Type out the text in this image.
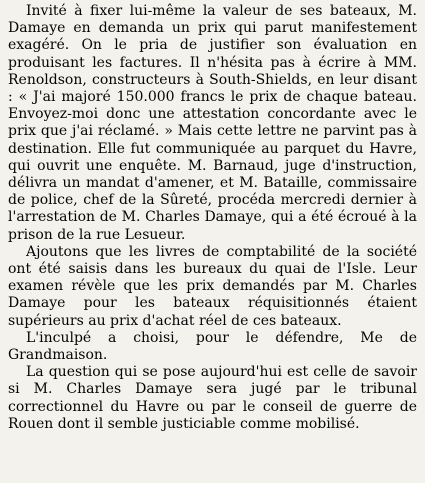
Invité à fixer lui-même la valeur de ses bateaux, M. Damaye en demanda un prix qui parut manifestement exagéré. On le pria de justifier son évaluation en produisant les factures. Il n'hésita pas à écrire à MM. Renoldson, constructeurs à South-Shields, en leur disant : « J'ai majoré 150.000 francs le prix de chaque bateau. Envoyez-moi donc une attestation concordante avec le prix que j'ai réclamé. » Mais cette lettre ne parvint pas à destination. Elle fut communiquée au parquet du Havre, qui ouvrit une enquête. M. Barnaud, juge d'instruction, délivra un mandat d'amener, et M. Bataille, commissaire de police, chef de la Sûreté, procéda mercredi dernier à l'arrestation de M. Charles Damaye, qui a été écroué à la prison de la rue Lesueur.

Ajoutons que les livres de comptabilité de la société ont été saisis dans les bureaux du quai de l'Isle. Leur examen révèle que les prix demandés par M. Charles Damaye pour les bateaux réquisitionnés étaient supérieurs au prix d'achat réel de ces bateaux.

L'inculpé a choisi, pour le défendre, Me de Grandmaison.

La question qui se pose aujourd'hui est celle de savoir si M. Charles Damaye sera jugé par le tribunal correctionnel du Havre ou par le conseil de guerre de Rouen dont il semble justiciable comme mobilisé.
